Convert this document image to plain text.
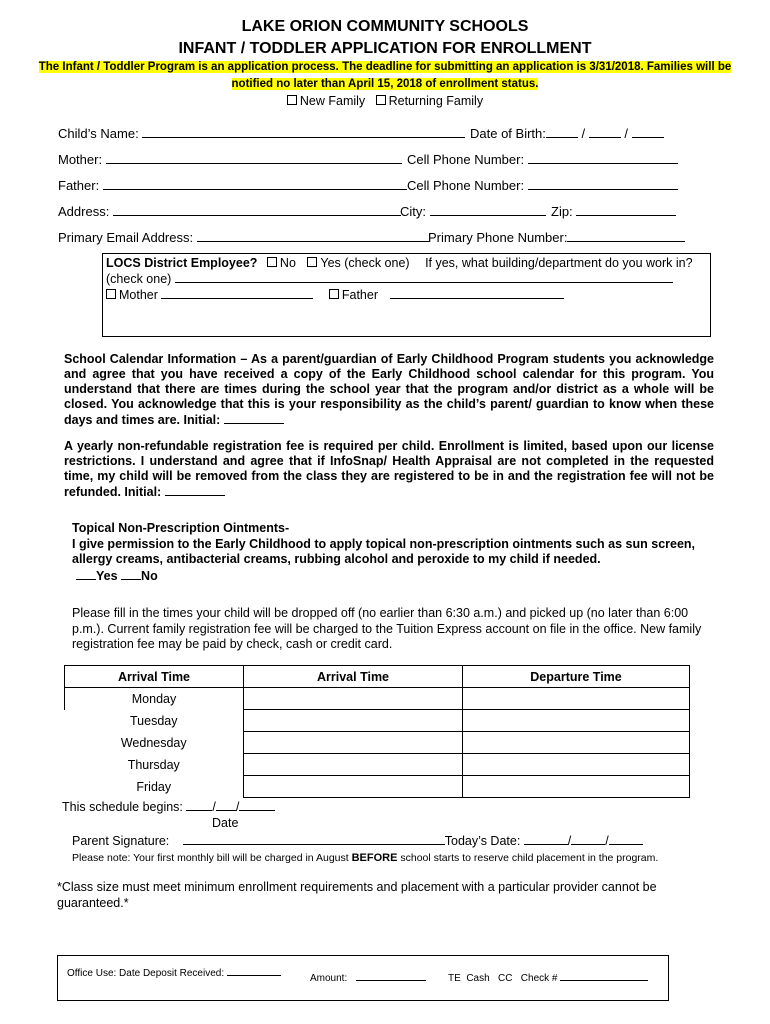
LAKE ORION COMMUNITY SCHOOLS
INFANT / TODDLER APPLICATION FOR ENROLLMENT
The Infant / Toddler Program is an application process. The deadline for submitting an application is 3/31/2018. Families will be
notified no later than April 15, 2018 of enrollment status.
New Family Returning Family
Child’s Name:	Date of Birth: /  /
Mother:	Cell Phone Number:
Father:	Cell Phone Number:
Address:	City:	Zip:
Primary Email Address:	Primary Phone Number:
LOCS District Employee? No Yes (check one) If yes, what building/department do you work in?
(check one)
Mother	Father
School Calendar Information – As a parent/guardian of Early Childhood Program students you acknowledge and agree that you have received a copy of the Early Childhood school calendar for this program. You understand that there are times during the school year that the program and/or district as a whole will be closed. You acknowledge that this is your responsibility as the child’s parent/ guardian to know when these days and times are. Initial:
A yearly non-refundable registration fee is required per child. Enrollment is limited, based upon our license restrictions. I understand and agree that if InfoSnap/ Health Appraisal are not completed in the requested time, my child will be removed from the class they are registered to be in and the registration fee will not be refunded. Initial:
Topical Non-Prescription Ointments-
I give permission to the Early Childhood to apply topical non-prescription ointments such as sun screen, allergy creams, antibacterial creams, rubbing alcohol and peroxide to my child if needed.
Yes No
Please fill in the times your child will be dropped off (no earlier than 6:30 a.m.) and picked up (no later than 6:00 p.m.). Current family registration fee will be charged to the Tuition Express account on file in the office. New family registration fee may be paid by check, cash or credit card.
Arrival Time	Arrival Time	Departure Time
Monday		
Tuesday		
Wednesday		
Thursday		
Friday		
This schedule begins: / /
Date
Parent Signature:	Today’s Date:	/	/
Please note: Your first monthly bill will be charged in August BEFORE school starts to reserve child placement in the program.
*Class size must meet minimum enrollment requirements and placement with a particular provider cannot be guaranteed.*
Office Use: Date Deposit Received:	Amount:	TE  Cash   CC   Check #
